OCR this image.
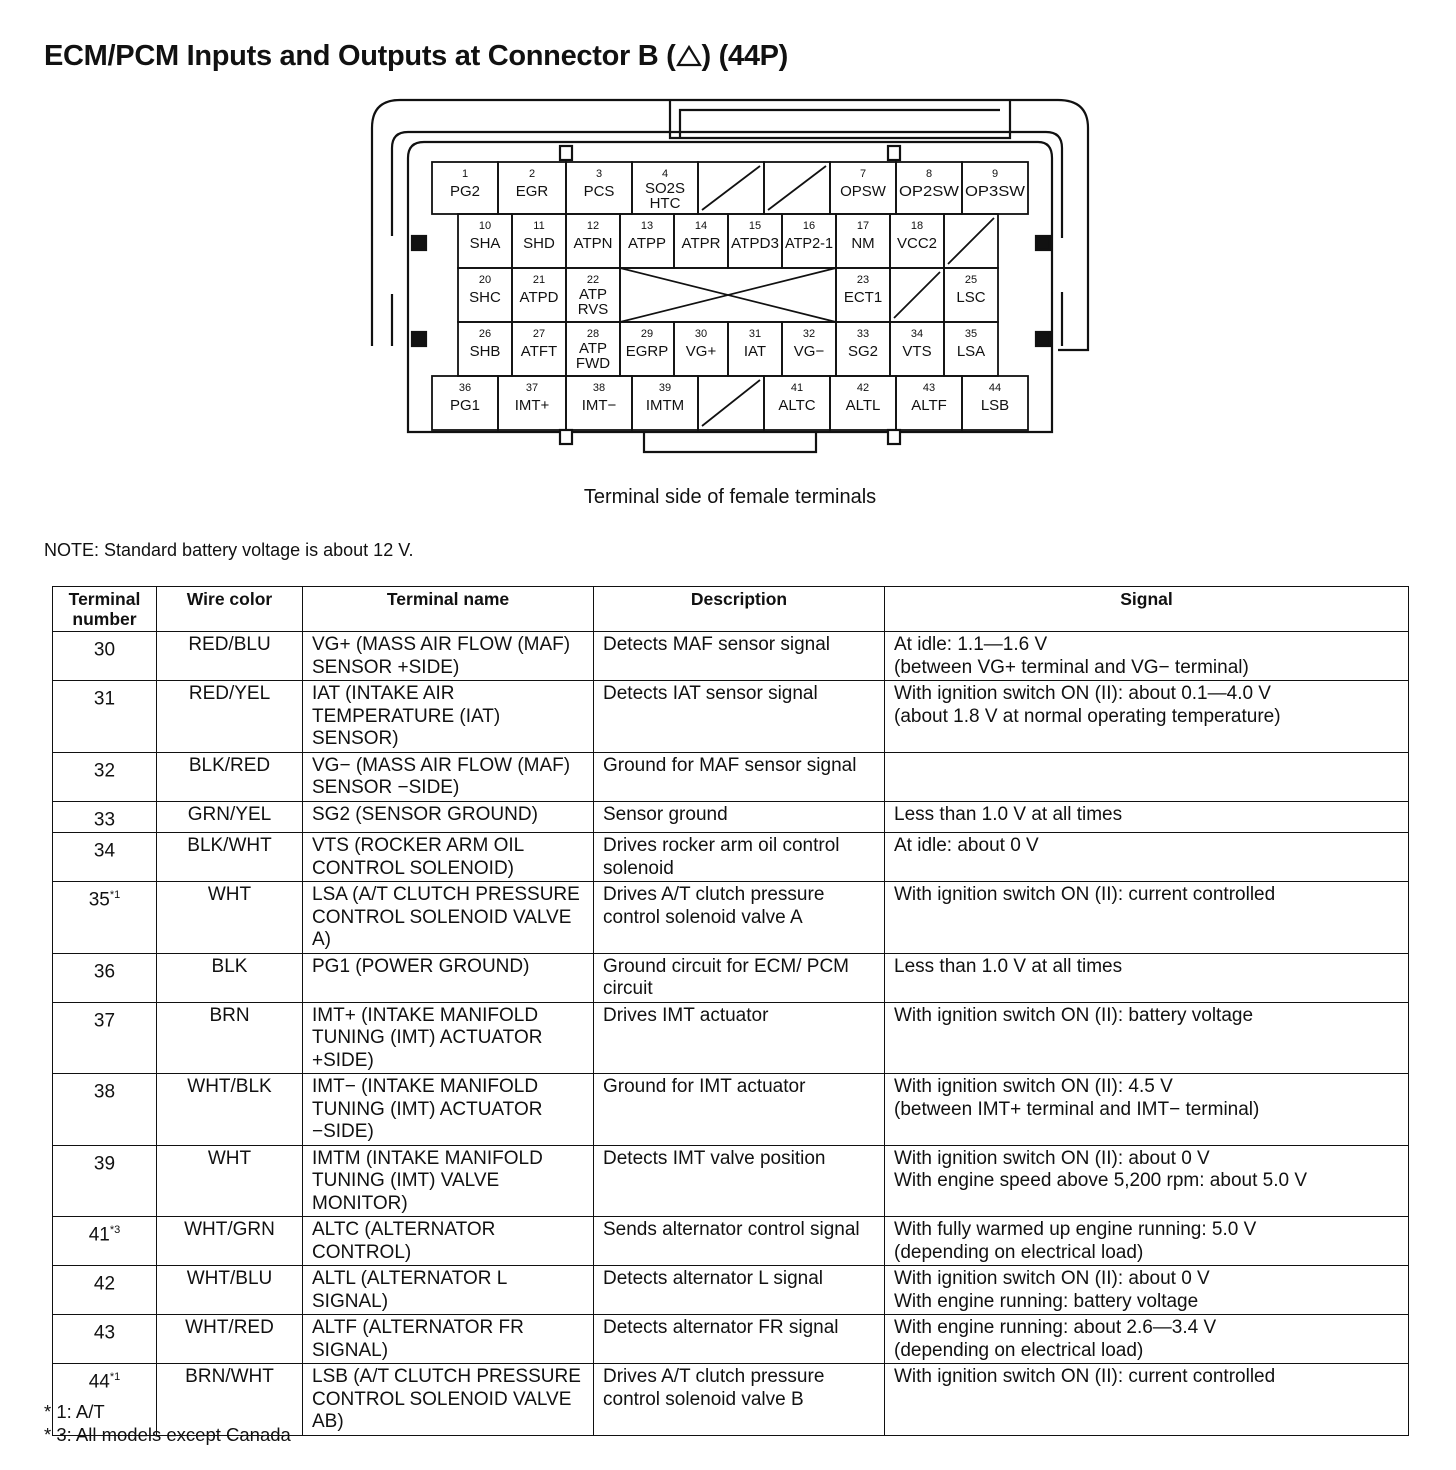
ECM/PCM Inputs and Outputs at Connector B ( ) (44P)
1
PG2
2
EGR
3
PCS
4
SO2S
HTC
7
OPSW
8
OP2SW
9
OP3SW
10
SHA
11
SHD
12
ATPN
13
ATPP
14
ATPR
15
ATPD3
16
ATP2-1
17
NM
18
VCC2
20
SHC
21
ATPD
22
ATP
RVS
23
ECT1
25
LSC
26
SHB
27
ATFT
28
ATP
FWD
29
EGRP
30
VG+
31
IAT
32
VG−
33
SG2
34
VTS
35
LSA
36
PG1
37
IMT+
38
IMT−
39
IMTM
41
ALTC
42
ALTL
43
ALTF
44
LSB
Terminal side of female terminals
NOTE: Standard battery voltage is about 12 V.
Terminal number	Wire color	Terminal name	Description	Signal
30	RED/BLU	VG+ (MASS AIR FLOW (MAF) SENSOR +SIDE)	Detects MAF sensor signal	At idle: 1.1—1.6 V
(between VG+ terminal and VG− terminal)

31	RED/YEL	IAT (INTAKE AIR TEMPERATURE (IAT) SENSOR)	Detects IAT sensor signal	With ignition switch ON (II): about 0.1—4.0 V
(about 1.8 V at normal operating temperature)

32	BLK/RED	VG− (MASS AIR FLOW (MAF) SENSOR −SIDE)	Ground for MAF sensor signal	

33	GRN/YEL	SG2 (SENSOR GROUND)	Sensor ground	Less than 1.0 V at all times

34	BLK/WHT	VTS (ROCKER ARM OIL CONTROL SOLENOID)	Drives rocker arm oil control solenoid	At idle: about 0 V

35$^{*1}$	WHT	LSA (A/T CLUTCH PRESSURE CONTROL SOLENOID VALVE A)	Drives A/T clutch pressure control solenoid valve A	With ignition switch ON (II): current controlled

36	BLK	PG1 (POWER GROUND)	Ground circuit for ECM/ PCM circuit	Less than 1.0 V at all times

37	BRN	IMT+ (INTAKE MANIFOLD TUNING (IMT) ACTUATOR +SIDE)	Drives IMT actuator	With ignition switch ON (II): battery voltage

38	WHT/BLK	IMT− (INTAKE MANIFOLD TUNING (IMT) ACTUATOR −SIDE)	Ground for IMT actuator	With ignition switch ON (II): 4.5 V
(between IMT+ terminal and IMT− terminal)

39	WHT	IMTM (INTAKE MANIFOLD TUNING (IMT) VALVE MONITOR)	Detects IMT valve position	With ignition switch ON (II): about 0 V
With engine speed above 5,200 rpm: about 5.0 V

41$^{*3}$	WHT/GRN	ALTC (ALTERNATOR CONTROL)	Sends alternator control signal	With fully warmed up engine running: 5.0 V
(depending on electrical load)

42	WHT/BLU	ALTL (ALTERNATOR L SIGNAL)	Detects alternator L signal	With ignition switch ON (II): about 0 V
With engine running: battery voltage

43	WHT/RED	ALTF (ALTERNATOR FR SIGNAL)	Detects alternator FR signal	With engine running: about 2.6—3.4 V
(depending on electrical load)

44$^{*1}$	BRN/WHT	LSB (A/T CLUTCH PRESSURE CONTROL SOLENOID VALVE AB)	Drives A/T clutch pressure control solenoid valve B	With ignition switch ON (II): current controlled
* 1: A/T
* 3: All models except Canada
